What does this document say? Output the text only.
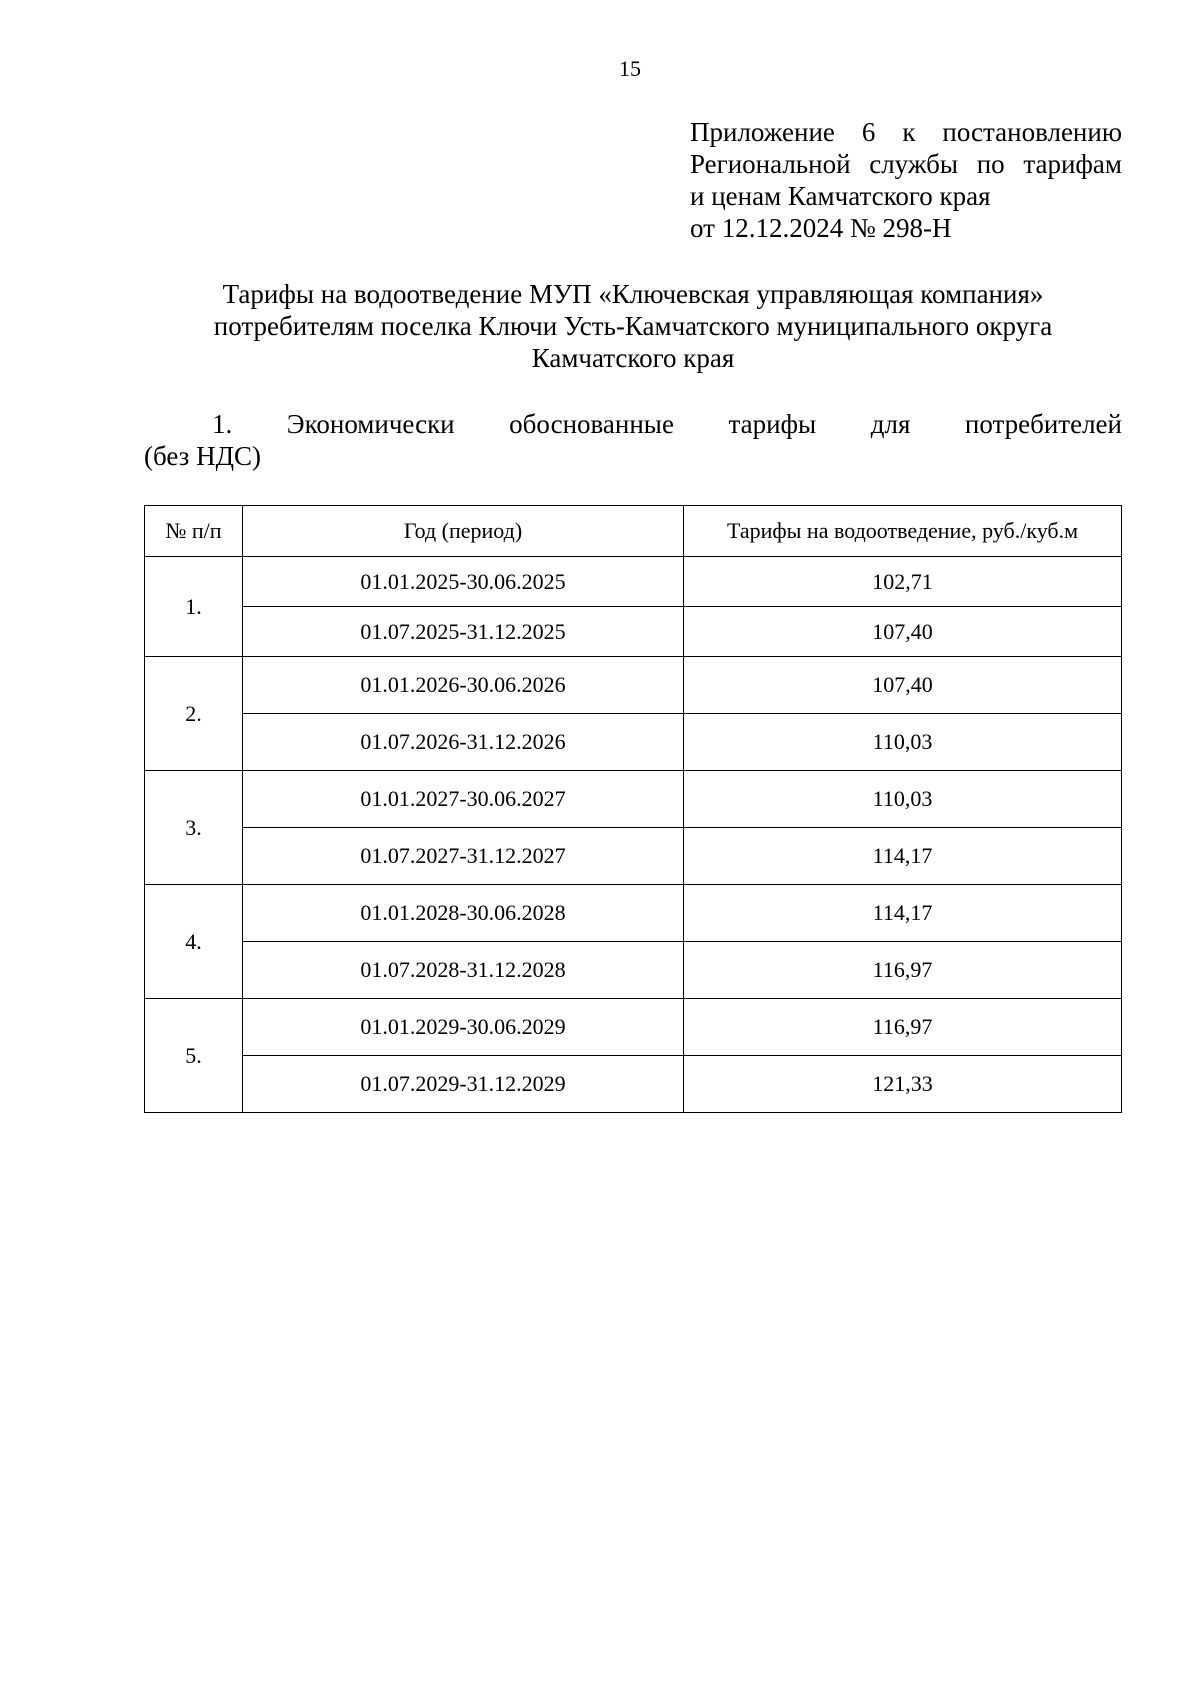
15
Приложение 6 к постановлению
Региональной службы по тарифам
и ценам Камчатского края
от 12.12.2024 № 298-Н
Тарифы на водоотведение МУП «Ключевская управляющая компания»
потребителям поселка Ключи Усть-Камчатского муниципального округа
Камчатского края
1. Экономически обоснованные тарифы для потребителей
(без НДС)
№ п/п	Год (период)	Тарифы на водоотведение, руб./куб.м
1.	01.01.2025-30.06.2025	102,71
	01.07.2025-31.12.2025	107,40
2.	01.01.2026-30.06.2026	107,40
	01.07.2026-31.12.2026	110,03
3.	01.01.2027-30.06.2027	110,03
	01.07.2027-31.12.2027	114,17
4.	01.01.2028-30.06.2028	114,17
	01.07.2028-31.12.2028	116,97
5.	01.01.2029-30.06.2029	116,97
	01.07.2029-31.12.2029	121,33
